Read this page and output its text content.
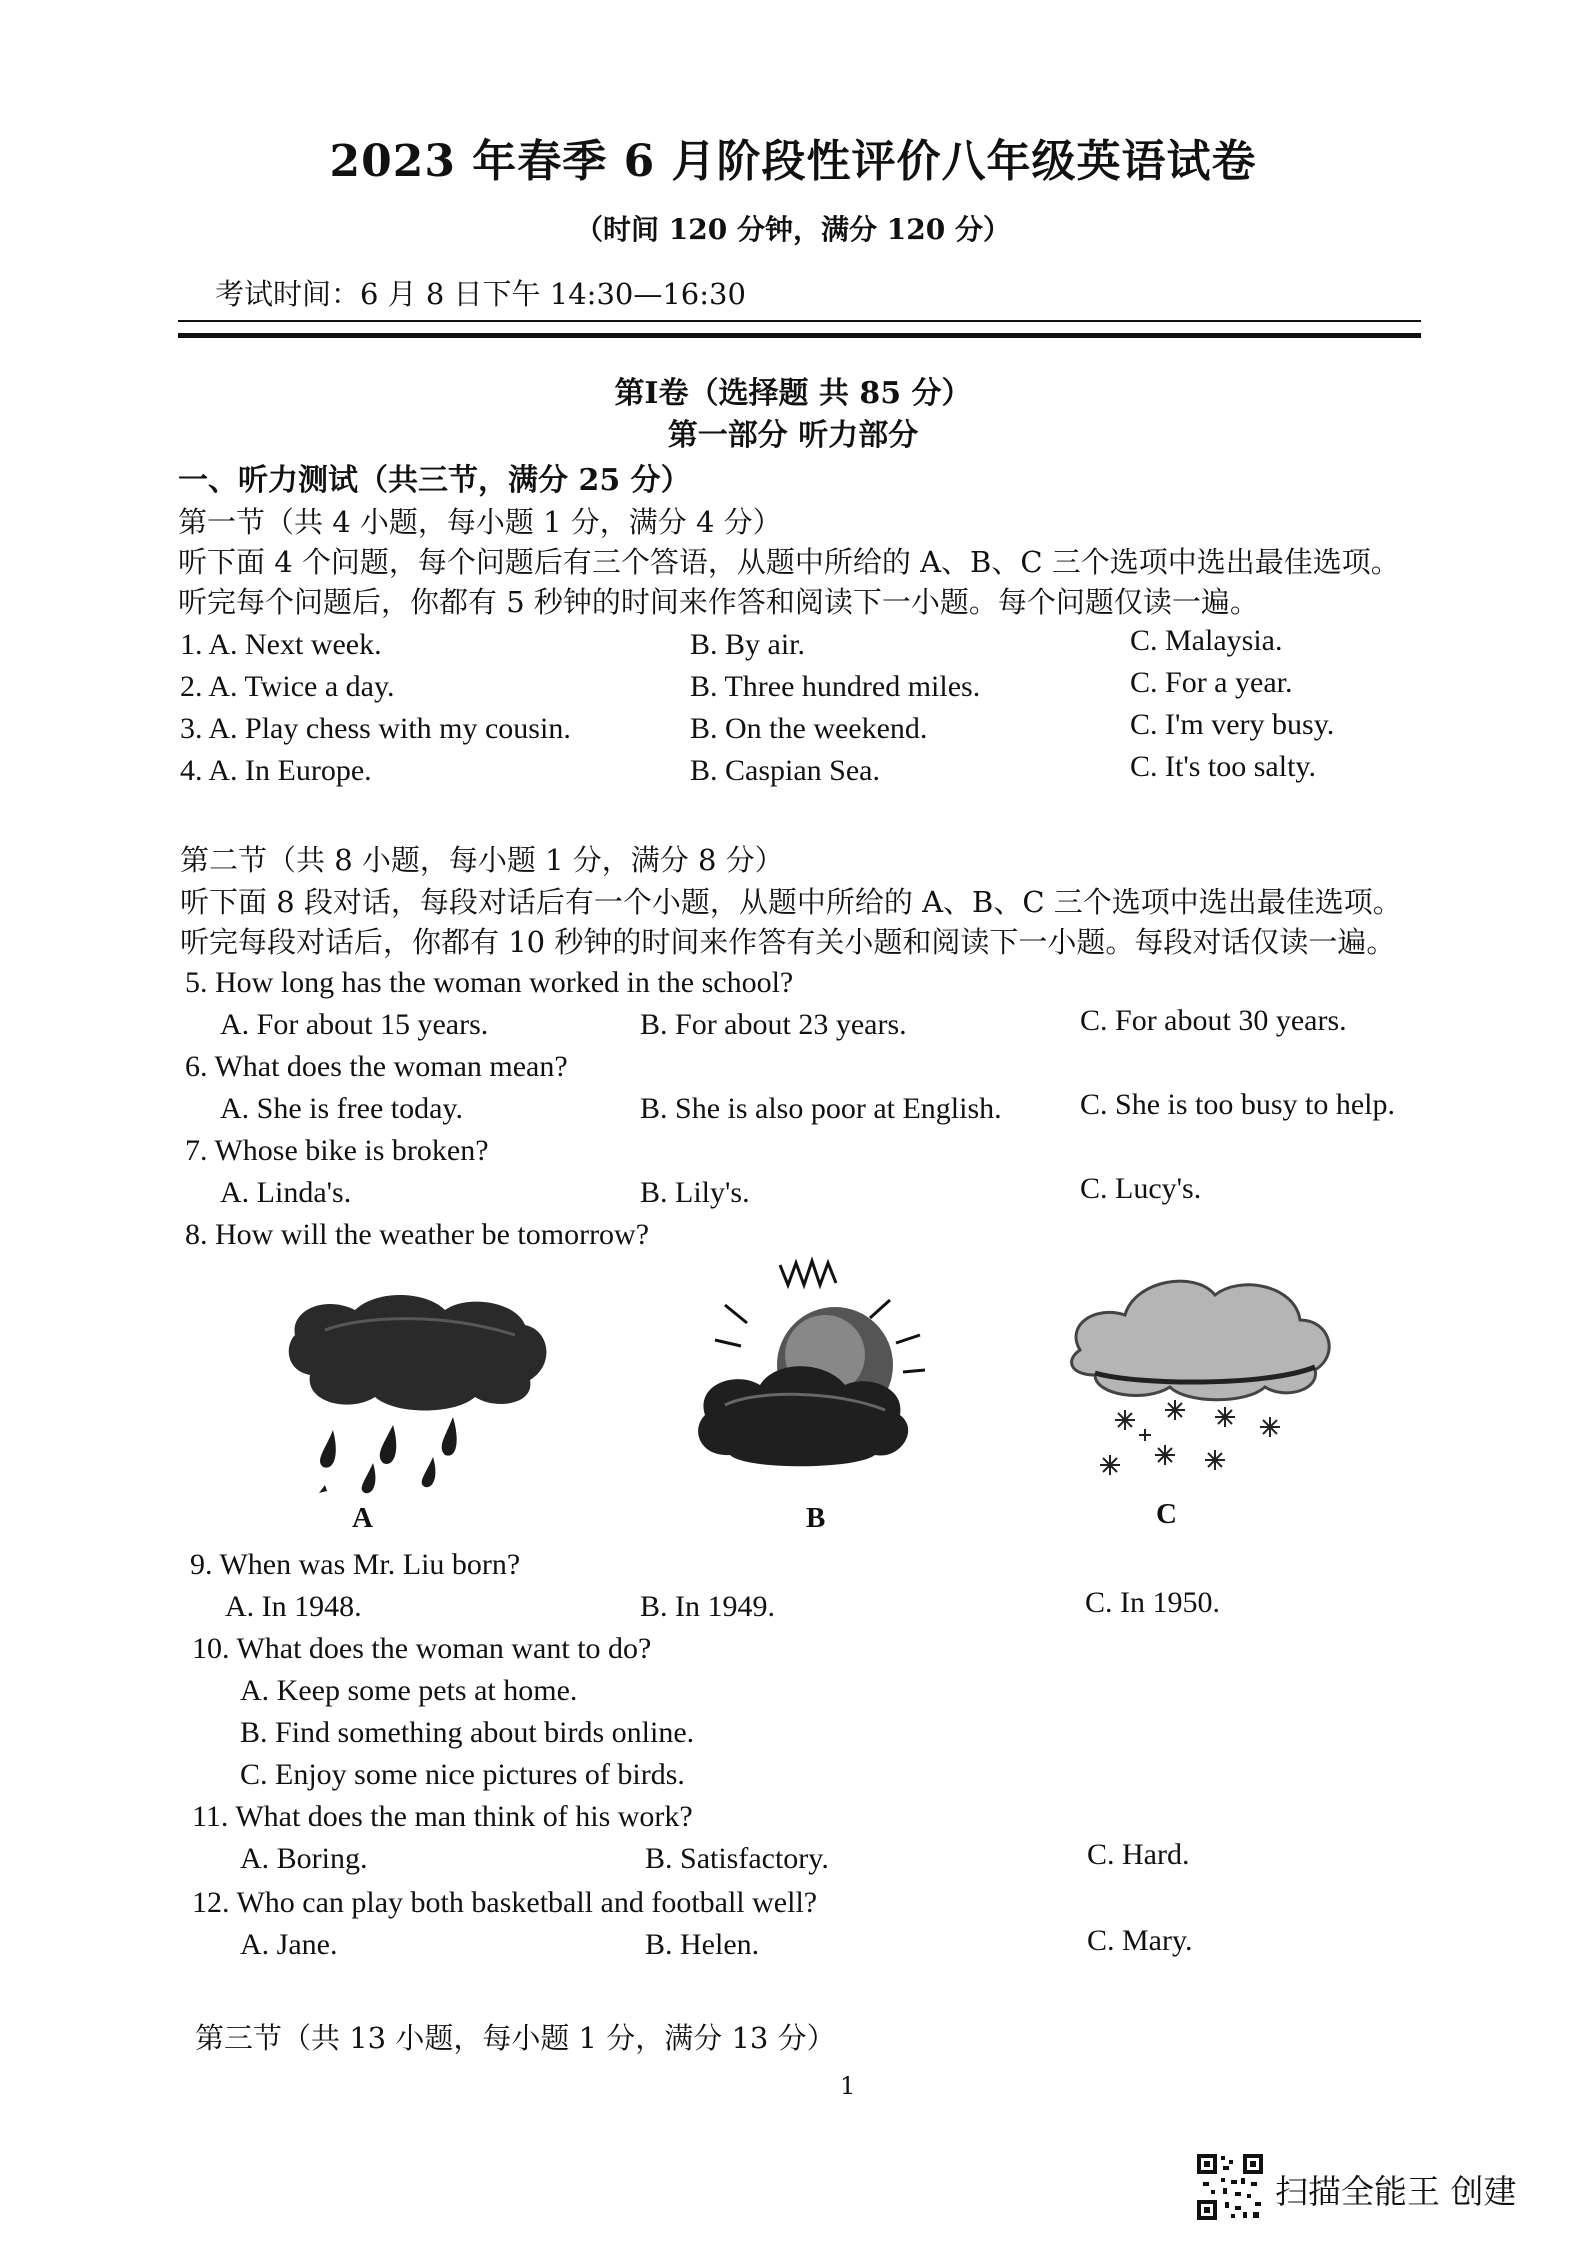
2023 年春季 6 月阶段性评价八年级英语试卷
（时间 120 分钟，满分 120 分）
考试时间：6 月 8 日下午 14:30—16:30
第Ⅰ卷（选择题 共 85 分）
第一部分 听力部分
一、听力测试（共三节，满分 25 分）
第一节（共 4 小题，每小题 1 分，满分 4 分）
听下面 4 个问题，每个问题后有三个答语，从题中所给的 A、B、C 三个选项中选出最佳选项。
听完每个问题后，你都有 5 秒钟的时间来作答和阅读下一小题。每个问题仅读一遍。
1. A. Next week.	B. By air.	C. Malaysia.
2. A. Twice a day.	B. Three hundred miles.	C. For a year.
3. A. Play chess with my cousin.	B. On the weekend.	C. I'm very busy.
4. A. In Europe.	B. Caspian Sea.	C. It's too salty.
第二节（共 8 小题，每小题 1 分，满分 8 分）
听下面 8 段对话，每段对话后有一个小题，从题中所给的 A、B、C 三个选项中选出最佳选项。
听完每段对话后，你都有 10 秒钟的时间来作答有关小题和阅读下一小题。每段对话仅读一遍。
5. How long has the woman worked in the school?
A. For about 15 years.	B. For about 23 years.	C. For about 30 years.
6. What does the woman mean?
A. She is free today.	B. She is also poor at English.	C. She is too busy to help.
7. Whose bike is broken?
A. Linda's.	B. Lily's.	C. Lucy's.
8. How will the weather be tomorrow?
A	B	C
9. When was Mr. Liu born?
A. In 1948.	B. In 1949.	C. In 1950.
10. What does the woman want to do?
A. Keep some pets at home.
B. Find something about birds online.
C. Enjoy some nice pictures of birds.
11. What does the man think of his work?
A. Boring.	B. Satisfactory.	C. Hard.
12. Who can play both basketball and football well?
A. Jane.	B. Helen.	C. Mary.
第三节（共 13 小题，每小题 1 分，满分 13 分）
1
扫描全能王 创建
